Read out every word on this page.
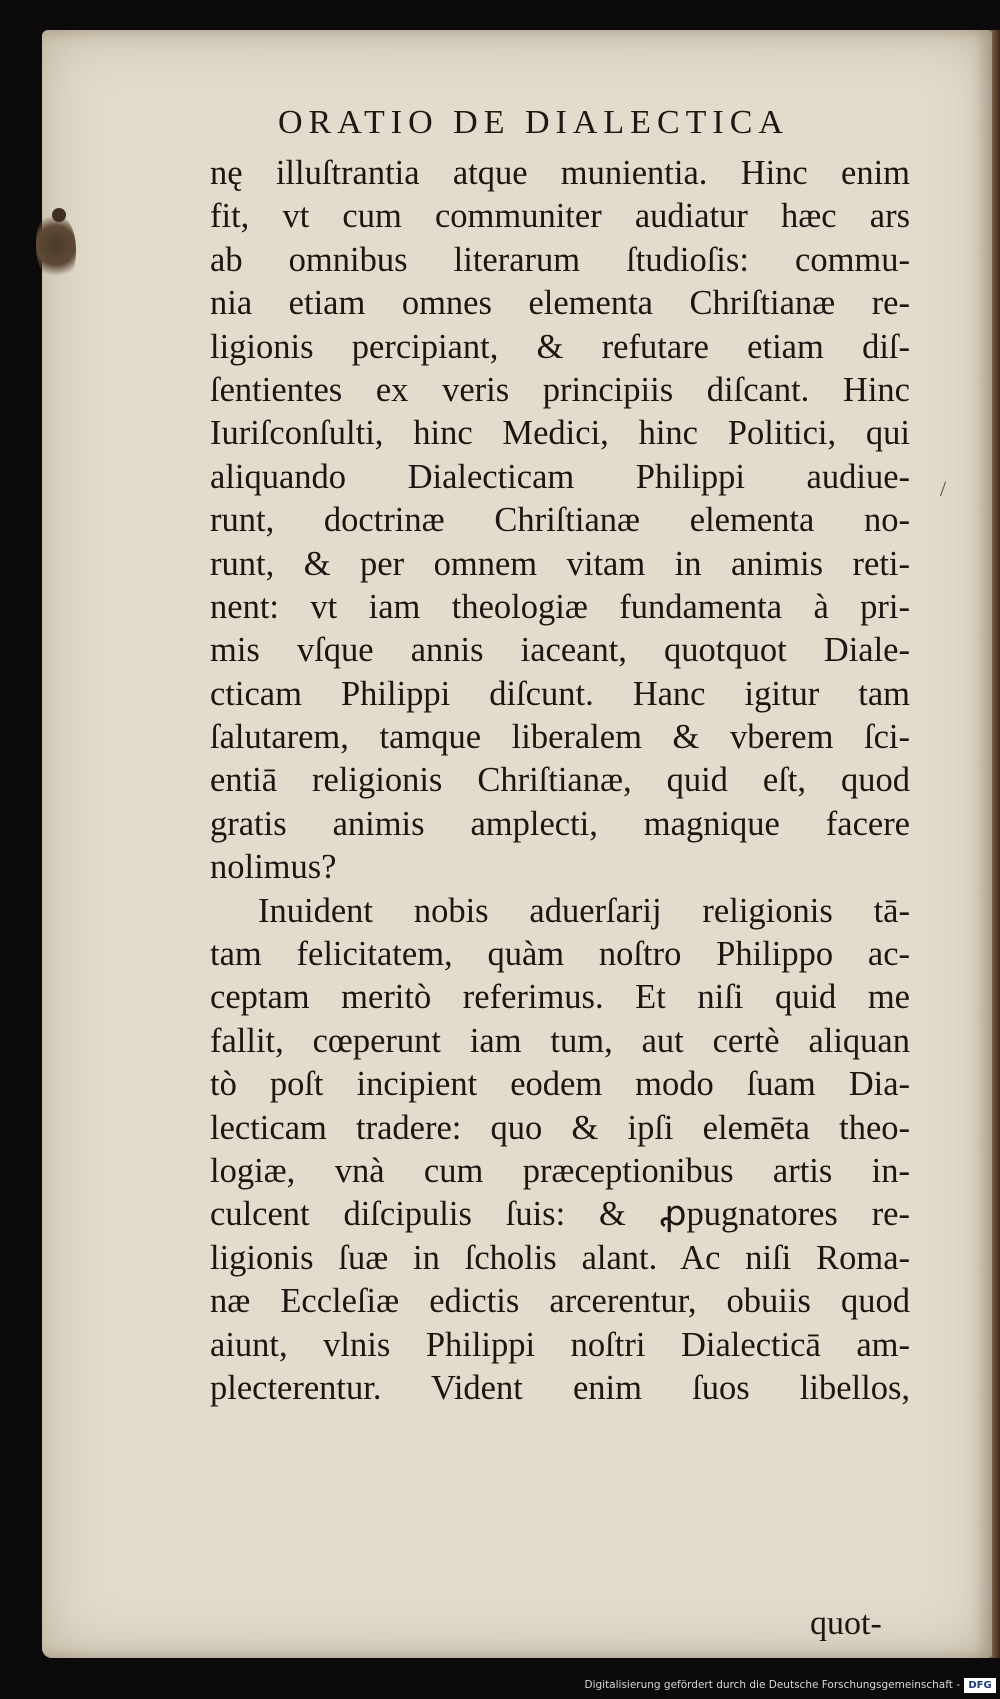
ORATIO DE DIALECTICA
nę illuſtrantia atque munientia. Hinc enim
fit, vt cum communiter audiatur hæc ars
ab omnibus literarum ſtudioſis: commu-
nia etiam omnes elementa Chriſtianæ re-
ligionis percipiant, & refutare etiam diſ-
ſentientes ex veris principiis diſcant. Hinc
Iuriſconſulti, hinc Medici, hinc Politici, qui
aliquando Dialecticam Philippi audiue-
runt, doctrinæ Chriſtianæ elementa no-
runt, & per omnem vitam in animis reti-
nent: vt iam theologiæ fundamenta à pri-
mis vſque annis iaceant, quotquot Diale-
cticam Philippi diſcunt. Hanc igitur tam
ſalutarem, tamque liberalem & vberem ſci-
entiā religionis Chriſtianæ, quid eſt, quod
gratis animis amplecti, magnique facere
nolimus?
Inuident nobis aduerſarij religionis tā-
tam felicitatem, quàm noſtro Philippo ac-
ceptam meritò referimus. Et niſi quid me
fallit, cœperunt iam tum, aut certè aliquan
tò poſt incipient eodem modo ſuam Dia-
lecticam tradere: quo & ipſi elemēta theo-
logiæ, vnà cum præceptionibus artis in-
culcent diſcipulis ſuis: & ꝓpugnatores re-
ligionis ſuæ in ſcholis alant. Ac niſi Roma-
næ Eccleſiæ edictis arcerentur, obuiis quod
aiunt, vlnis Philippi noſtri Dialecticā am-
plecterentur. Vident enim ſuos libellos,
quot-
/
Digitalisierung gefördert durch die Deutsche Forschungsgemeinschaft - DFG
